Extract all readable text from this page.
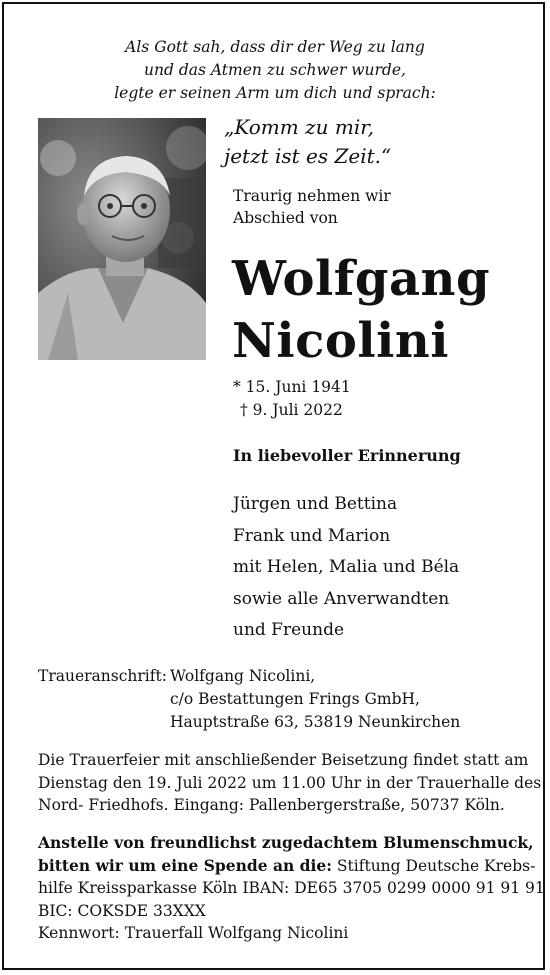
Als Gott sah, dass dir der Weg zu lang
und das Atmen zu schwer wurde,
legte er seinen Arm um dich und sprach:
„Komm zu mir,
jetzt ist es Zeit.“
Traurig nehmen wir
Abschied von
Wolfgang
Nicolini
* 15. Juni 1941
† 9. Juli 2022
In liebevoller Erinnerung
Jürgen und Bettina
Frank und Marion
mit Helen, Malia und Béla
sowie alle Anverwandten
und Freunde
Traueranschrift: Wolfgang Nicolini,
c/o Bestattungen Frings GmbH,
Hauptstraße 63, 53819 Neunkirchen
Die Trauerfeier mit anschließender Beisetzung findet statt am
Dienstag den 19. Juli 2022 um 11.00 Uhr in der Trauerhalle des
Nord- Friedhofs. Eingang: Pallenbergerstraße, 50737 Köln.
Anstelle von freundlichst zugedachtem Blumenschmuck,
bitten wir um eine Spende an die: Stiftung Deutsche Krebs-
hilfe Kreissparkasse Köln IBAN: DE65 3705 0299 0000 91 91 91
BIC: COKSDE 33XXX
Kennwort: Trauerfall Wolfgang Nicolini
